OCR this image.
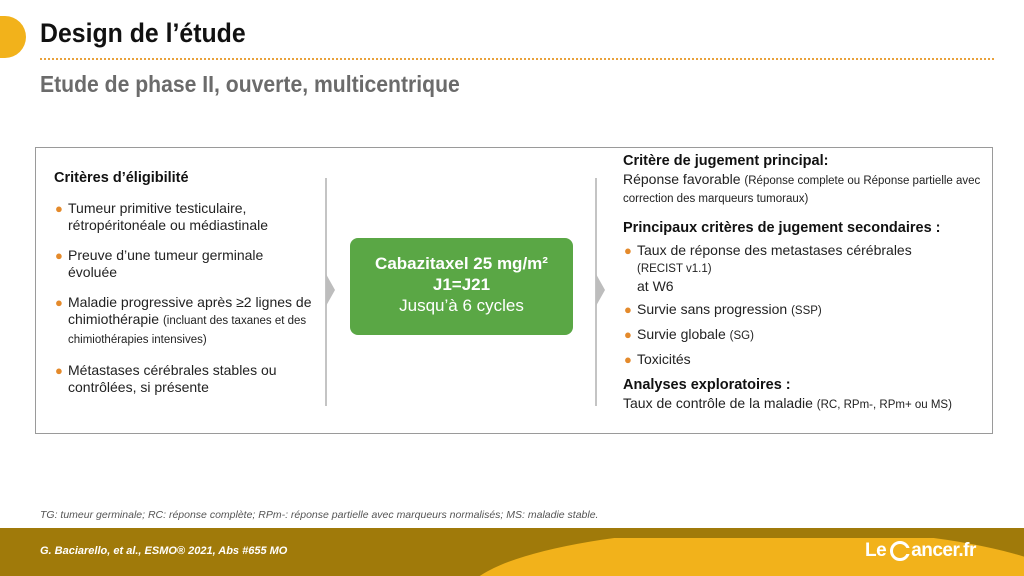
Design de l’étude
Etude de phase II, ouverte, multicentrique
Critères d’éligibilité
● Tumeur primitive testiculaire, rétropéritonéale ou médiastinale
● Preuve d’une tumeur germinale évoluée
● Maladie progressive après ≥2 lignes de chimiothérapie (incluant des taxanes et des chimiothérapies intensives)
● Métastases cérébrales stables ou contrôlées, si présente
Cabazitaxel 25 mg/m²
J1=J21
Jusqu’à 6 cycles
Critère de jugement principal:
Réponse favorable (Réponse complete ou Réponse partielle avec correction des marqueurs tumoraux)
Principaux critères de jugement secondaires :
● Taux de réponse des metastases cérébrales
(RECIST v1.1)
at W6
● Survie sans progression (SSP)
● Survie globale (SG)
● Toxicités
Analyses exploratoires :
Taux de contrôle de la maladie (RC, RPm-, RPm+ ou MS)
TG: tumeur germinale; RC: réponse complète; RPm-: réponse partielle avec marqueurs normalisés; MS: maladie stable.
G. Baciarello, et al., ESMO® 2021, Abs #655 MO	Le ancer.fr
